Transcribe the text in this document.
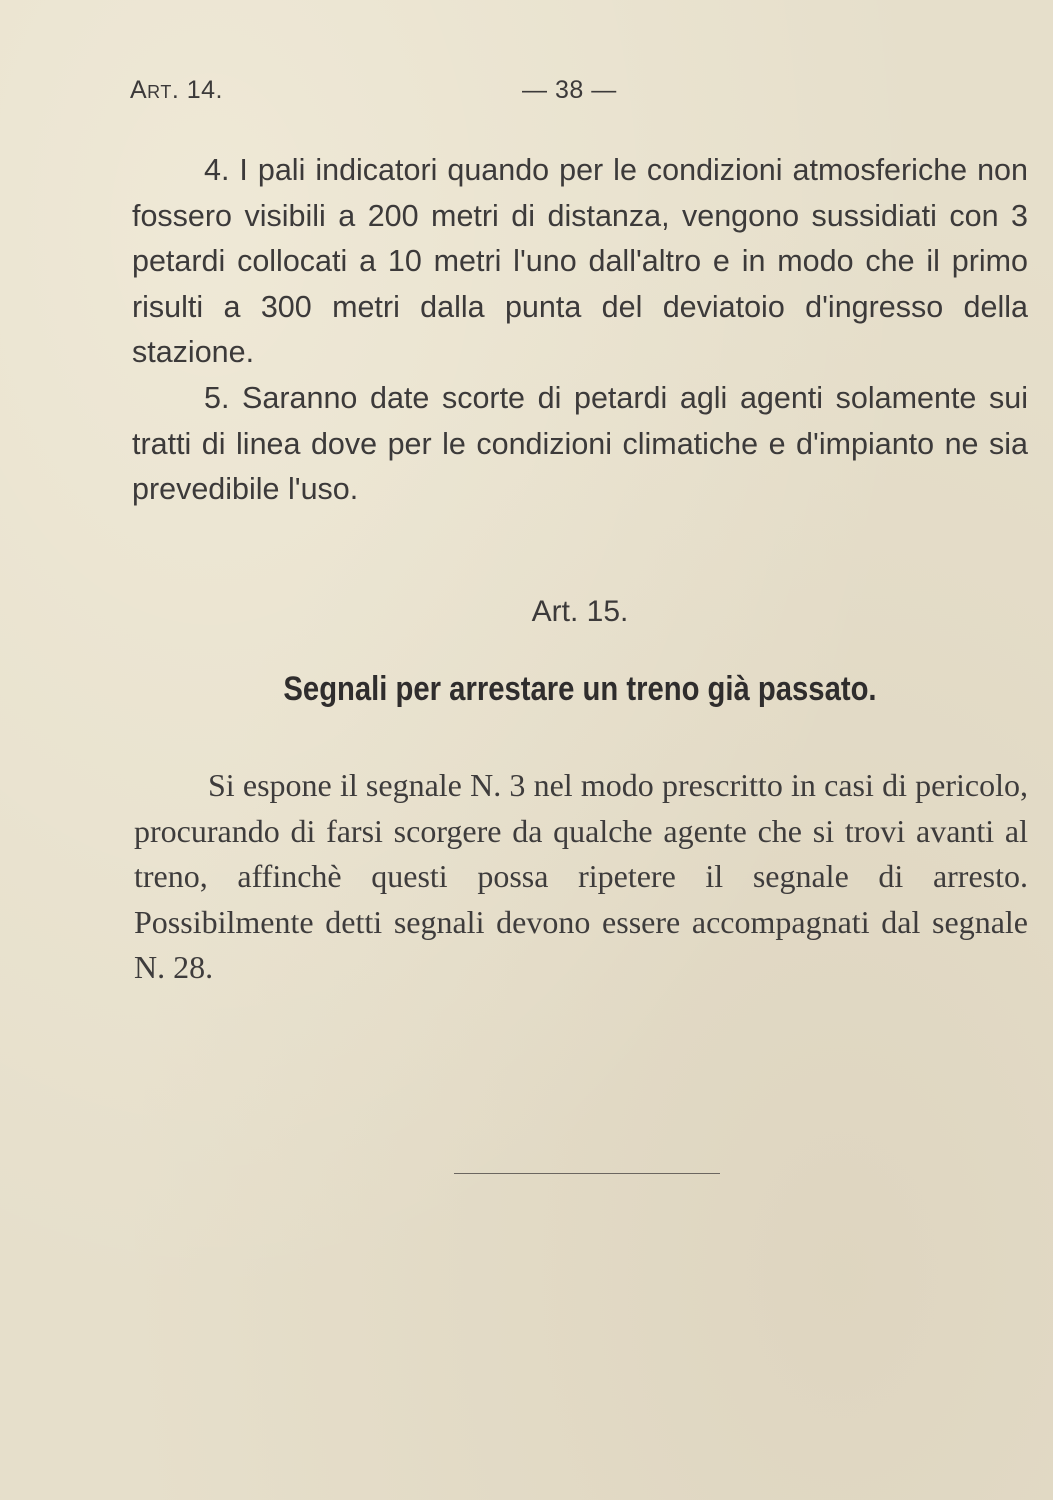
Art. 14.	— 38 —

4. I pali indicatori quando per le condizioni atmosferiche non fossero visibili a 200 metri di distanza, vengono sussidiati con 3 petardi collocati a 10 metri l'uno dall'altro e in modo che il primo risulti a 300 metri dalla punta del deviatoio d'ingresso della stazione.

5. Saranno date scorte di petardi agli agenti solamente sui tratti di linea dove per le condizioni climatiche e d'impianto ne sia prevedibile l'uso.

Art. 15.
Segnali per arrestare un treno già passato.

Si espone il segnale N. 3 nel modo prescritto in casi di pericolo, procurando di farsi scorgere da qualche agente che si trovi avanti al treno, affinchè questi possa ripetere il segnale di arresto. Possibilmente detti segnali devono essere accompagnati dal segnale N. 28.
